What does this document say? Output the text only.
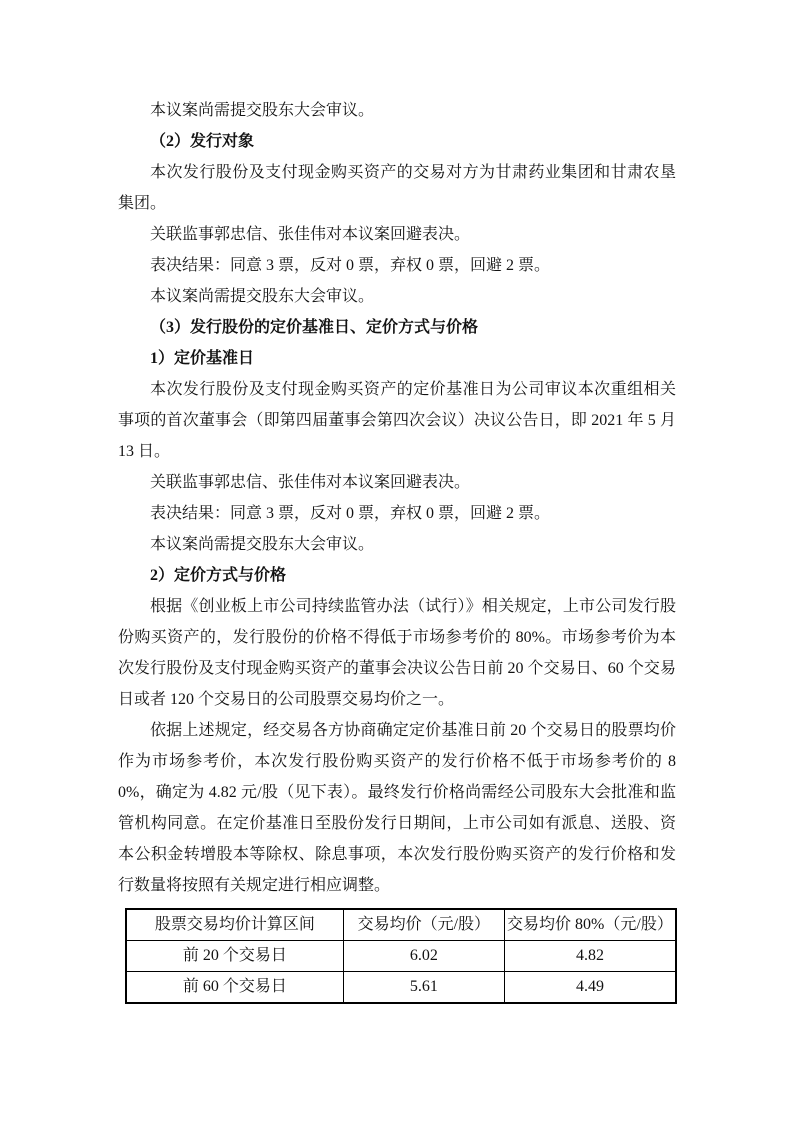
本议案尚需提交股东大会审议。

（2）发行对象

本次发行股份及支付现金购买资产的交易对方为甘肃药业集团和甘肃农垦集团。

关联监事郭忠信、张佳伟对本议案回避表决。

表决结果：同意 3 票，反对 0 票，弃权 0 票，回避 2 票。

本议案尚需提交股东大会审议。

（3）发行股份的定价基准日、定价方式与价格

1）定价基准日

本次发行股份及支付现金购买资产的定价基准日为公司审议本次重组相关事项的首次董事会（即第四届董事会第四次会议）决议公告日，即 2021 年 5 月 13 日。

关联监事郭忠信、张佳伟对本议案回避表决。

表决结果：同意 3 票，反对 0 票，弃权 0 票，回避 2 票。

本议案尚需提交股东大会审议。

2）定价方式与价格

根据《创业板上市公司持续监管办法（试行）》相关规定，上市公司发行股份购买资产的，发行股份的价格不得低于市场参考价的 80%。市场参考价为本次发行股份及支付现金购买资产的董事会决议公告日前 20 个交易日、60 个交易日或者 120 个交易日的公司股票交易均价之一。

依据上述规定，经交易各方协商确定定价基准日前 20 个交易日的股票均价作为市场参考价，本次发行股份购买资产的发行价格不低于市场参考价的 80%，确定为 4.82 元/股（见下表）。最终发行价格尚需经公司股东大会批准和监管机构同意。在定价基准日至股份发行日期间，上市公司如有派息、送股、资本公积金转增股本等除权、除息事项，本次发行股份购买资产的发行价格和发行数量将按照有关规定进行相应调整。

股票交易均价计算区间	交易均价（元/股）	交易均价 80%（元/股）
前 20 个交易日	6.02	4.82
前 60 个交易日	5.61	4.49
